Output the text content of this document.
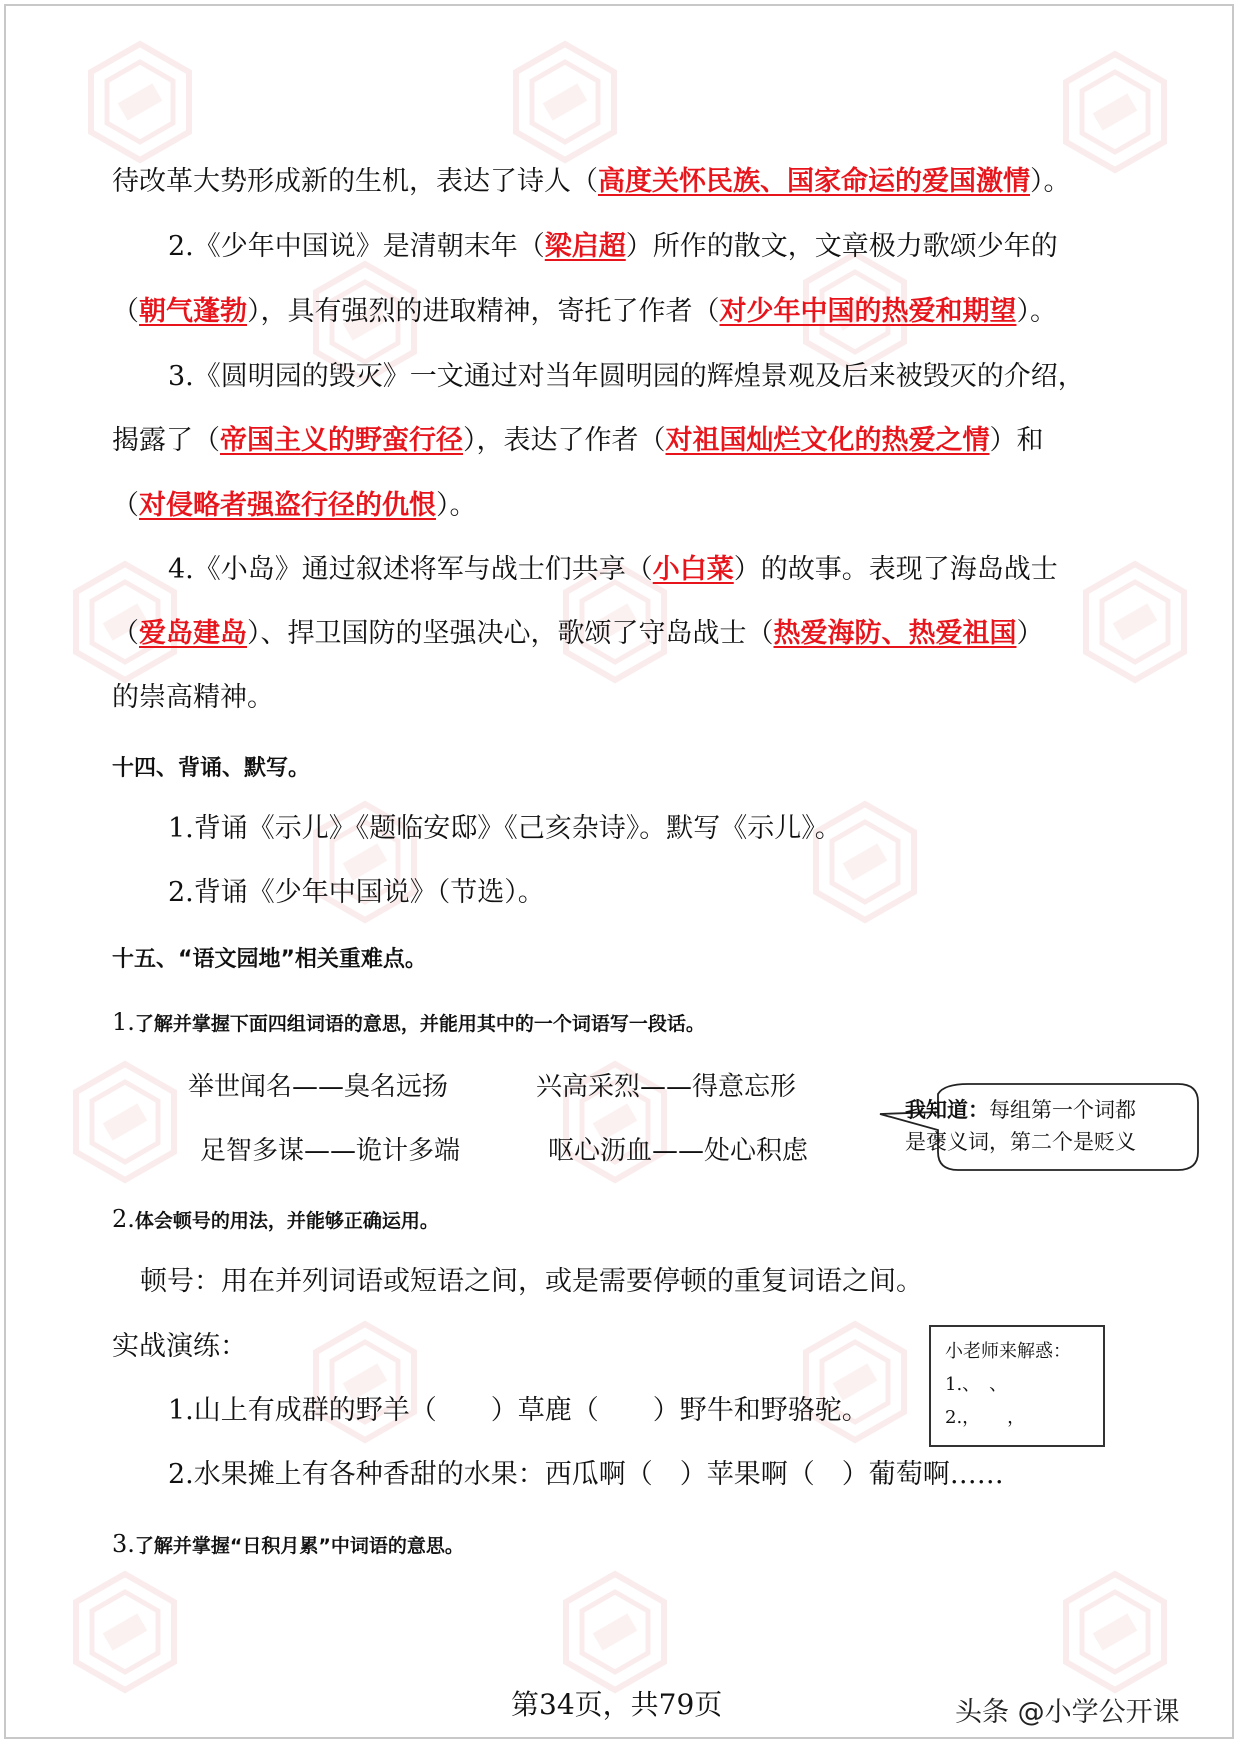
待改革大势形成新的生机，表达了诗人（高度关怀民族、国家命运的爱国激情）。
2.《少年中国说》是清朝末年（梁启超）所作的散文，文章极力歌颂少年的
（朝气蓬勃），具有强烈的进取精神，寄托了作者（对少年中国的热爱和期望）。
3.《圆明园的毁灭》一文通过对当年圆明园的辉煌景观及后来被毁灭的介绍，
揭露了（帝国主义的野蛮行径），表达了作者（对祖国灿烂文化的热爱之情）和
（对侵略者强盗行径的仇恨）。
4.《小岛》通过叙述将军与战士们共享（小白菜）的故事。表现了海岛战士
（爱岛建岛）、捍卫国防的坚强决心，歌颂了守岛战士（热爱海防、热爱祖国）
的崇高精神。
十四、背诵、默写。
1.背诵《示儿》《题临安邸》《己亥杂诗》。默写《示儿》。
2.背诵《少年中国说》（节选）。
十五、“语文园地”相关重难点。
1.了解并掌握下面四组词语的意思，并能用其中的一个词语写一段话。
举世闻名——臭名远扬	兴高采烈——得意忘形
足智多谋——诡计多端	呕心沥血——处心积虑
2.体会顿号的用法，并能够正确运用。
顿号：用在并列词语或短语之间，或是需要停顿的重复词语之间。
实战演练：
1.山上有成群的野羊（　　）草鹿（　　）野牛和野骆驼。
2.水果摊上有各种香甜的水果：西瓜啊（　）苹果啊（　）葡萄啊……
3.了解并掌握“日积月累”中词语的意思。
我知道：每组第一个词都
是褒义词，第二个是贬义
小老师来解惑：
1.、　、
2.，　　，
第34页，共79页	头条 @小学公开课
